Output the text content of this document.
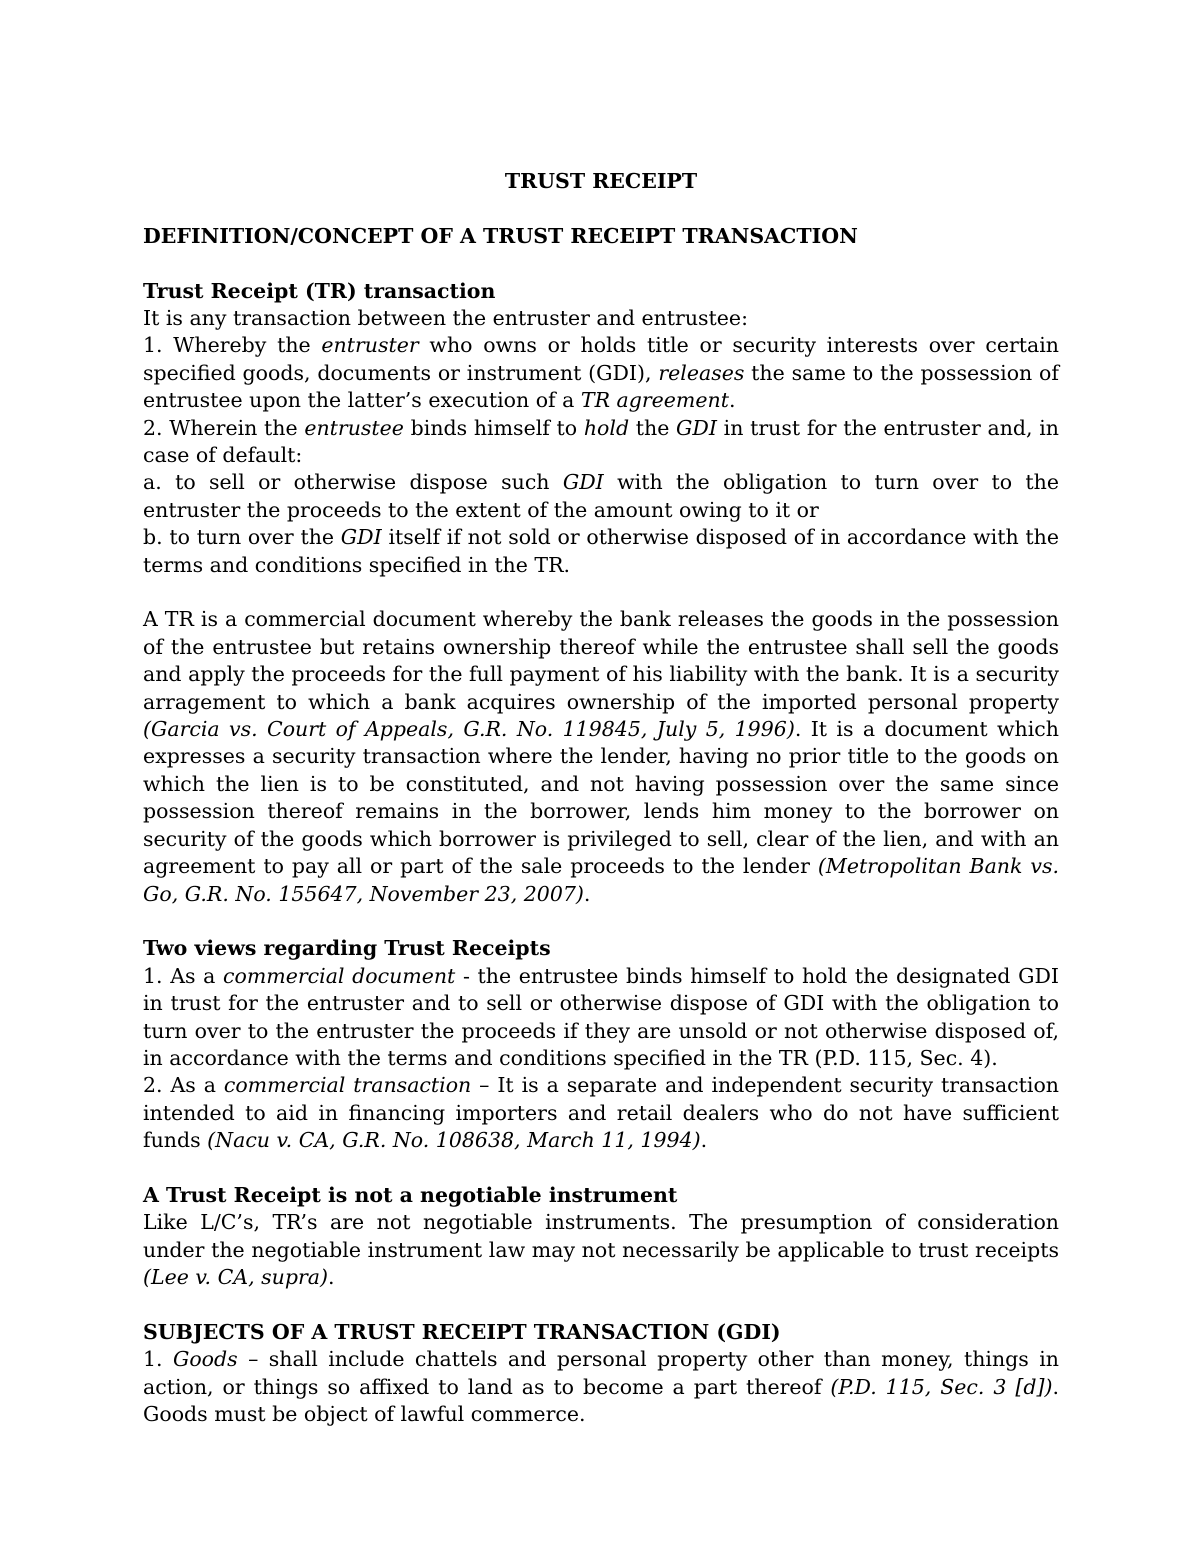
TRUST RECEIPT

DEFINITION/CONCEPT OF A TRUST RECEIPT TRANSACTION

Trust Receipt (TR) transaction

It is any transaction between the entruster and entrustee:

1. Whereby the entruster who owns or holds title or security interests over certain specified goods, documents or instrument (GDI), releases the same to the possession of entrustee upon the latter’s execution of a TR agreement.

2. Wherein the entrustee binds himself to hold the GDI in trust for the entruster and, in case of default:

a. to sell or otherwise dispose such GDI with the obligation to turn over to the entruster the proceeds to the extent of the amount owing to it or

b. to turn over the GDI itself if not sold or otherwise disposed of in accordance with the terms and conditions specified in the TR.

A TR is a commercial document whereby the bank releases the goods in the possession of the entrustee but retains ownership thereof while the entrustee shall sell the goods and apply the proceeds for the full payment of his liability with the bank. It is a security arragement to which a bank acquires ownership of the imported personal property (Garcia vs. Court of Appeals, G.R. No. 119845, July 5, 1996). It is a document which expresses a security transaction where the lender, having no prior title to the goods on which the lien is to be constituted, and not having possession over the same since possession thereof remains in the borrower, lends him money to the borrower on security of the goods which borrower is privileged to sell, clear of the lien, and with an agreement to pay all or part of the sale proceeds to the lender (Metropolitan Bank vs. Go, G.R. No. 155647, November 23, 2007).

Two views regarding Trust Receipts

1. As a commercial document - the entrustee binds himself to hold the designated GDI in trust for the entruster and to sell or otherwise dispose of GDI with the obligation to turn over to the entruster the proceeds if they are unsold or not otherwise disposed of, in accordance with the terms and conditions specified in the TR (P.D. 115, Sec. 4).

2. As a commercial transaction – It is a separate and independent security transaction intended to aid in financing importers and retail dealers who do not have sufficient funds (Nacu v. CA, G.R. No. 108638, March 11, 1994).

A Trust Receipt is not a negotiable instrument

Like L/C’s, TR’s are not negotiable instruments. The presumption of consideration under the negotiable instrument law may not necessarily be applicable to trust receipts (Lee v. CA, supra).

SUBJECTS OF A TRUST RECEIPT TRANSACTION (GDI)

1. Goods – shall include chattels and personal property other than money, things in action, or things so affixed to land as to become a part thereof (P.D. 115, Sec. 3 [d]). Goods must be object of lawful commerce.
